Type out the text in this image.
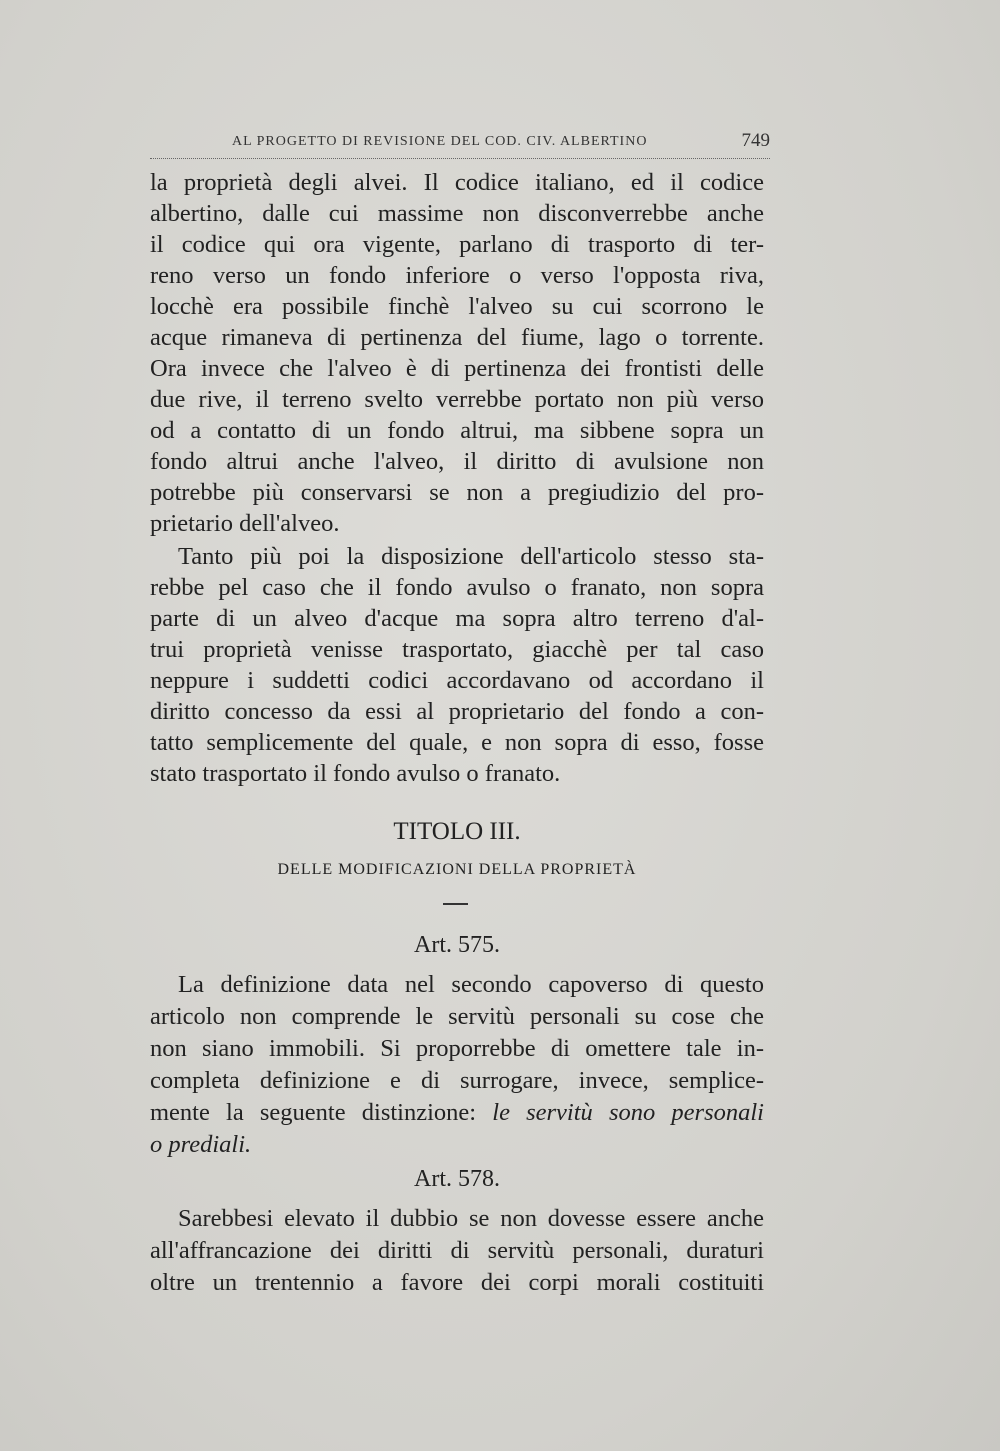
AL PROGETTO DI REVISIONE DEL COD. CIV. ALBERTINO	749
la proprietà degli alvei. Il codice italiano, ed il codice
albertino, dalle cui massime non disconverrebbe anche
il codice qui ora vigente, parlano di trasporto di ter-
reno verso un fondo inferiore o verso l'opposta riva,
locchè era possibile finchè l'alveo su cui scorrono le
acque rimaneva di pertinenza del fiume, lago o torrente.
Ora invece che l'alveo è di pertinenza dei frontisti delle
due rive, il terreno svelto verrebbe portato non più verso
od a contatto di un fondo altrui, ma sibbene sopra un
fondo altrui anche l'alveo, il diritto di avulsione non
potrebbe più conservarsi se non a pregiudizio del pro-
prietario dell'alveo.
Tanto più poi la disposizione dell'articolo stesso sta-
rebbe pel caso che il fondo avulso o franato, non sopra
parte di un alveo d'acque ma sopra altro terreno d'al-
trui proprietà venisse trasportato, giacchè per tal caso
neppure i suddetti codici accordavano od accordano il
diritto concesso da essi al proprietario del fondo a con-
tatto semplicemente del quale, e non sopra di esso, fosse
stato trasportato il fondo avulso o franato.
TITOLO III.
DELLE MODIFICAZIONI DELLA PROPRIETÀ
Art. 575.
La definizione data nel secondo capoverso di questo
articolo non comprende le servitù personali su cose che
non siano immobili. Si proporrebbe di omettere tale in-
completa definizione e di surrogare, invece, semplice-
mente la seguente distinzione: le servitù sono personali
o prediali.
Art. 578.
Sarebbesi elevato il dubbio se non dovesse essere anche
all'affrancazione dei diritti di servitù personali, duraturi
oltre un trentennio a favore dei corpi morali costituiti
